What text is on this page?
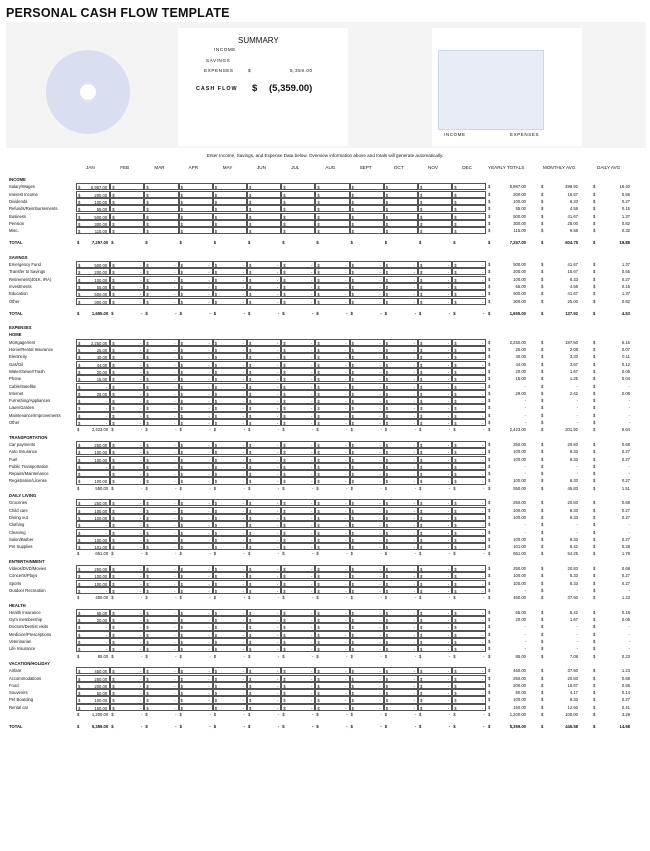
PERSONAL CASH FLOW TEMPLATE
SUMMARY
INCOME
SAVINGS
EXPENSES	$	5,359.00
CASH FLOW $ (5,359.00)
INCOME	EXPENSES
Enter Income, Savings, and Expense Data below. Overview information above and totals will generate automatically.
JAN	FEB	MAR	APR	MAY	JUN	JUL	AUG	SEPT	OCT	NOV	DEC	YEARLY TOTALS	MONTHLY AVG	DAILY AVG
INCOME
Salary/Wages	$	5,987.00 $	$	$	$	$	$	$	$	$	$	$	$	5,987.00	$	498.92	$	16.40
Interest Income	$	200.00 $	$	$	$	$	$	$	$	$	$	$	$	200.00	$	16.67	$	0.55
Dividends	$	100.00 $	$	$	$	$	$	$	$	$	$	$	$	100.00	$	8.33	$	0.27
Refunds/Reimbursements	$	55.00 $	$	$	$	$	$	$	$	$	$	$	$	55.00	$	4.58	$	0.15
Business	$	500.00 $	$	$	$	$	$	$	$	$	$	$	$	500.00	$	41.67	$	1.37
Pension	$	300.00 $	$	$	$	$	$	$	$	$	$	$	$	300.00	$	25.00	$	0.82
Misc.	$	115.00 $	$	$	$	$	$	$	$	$	$	$	$	115.00	$	9.58	$	0.32
TOTAL	$	7,257.00 $	$	$	$	$	$	$	$	$	$	$	$	7,257.00	$	604.75	$	19.88
SAVINGS
Emergency Fund	$	500.00 $	- $	- $	- $	- $	- $	- $	- $	- $	- $	- $	- $	500.00	$	41.67	$	1.37
Transfer to Savings	$	200.00 $	- $	- $	- $	- $	- $	- $	- $	- $	- $	- $	- $	200.00	$	16.67	$	0.55
Retirement(401K, IRA)	$	100.00 $	- $	- $	- $	- $	- $	- $	- $	- $	- $	- $	- $	100.00	$	8.33	$	0.27
Investments	$	55.00 $	- $	- $	- $	- $	- $	- $	- $	- $	- $	- $	- $	55.00	$	4.58	$	0.15
Education	$	500.00 $	- $	- $	- $	- $	- $	- $	- $	- $	- $	- $	- $	500.00	$	41.67	$	1.37
Other	$	300.00 $	- $	- $	- $	- $	- $	- $	- $	- $	- $	- $	- $	300.00	$	25.00	$	0.82
TOTAL	$	1,655.00 $	- $	- $	- $	- $	- $	- $	- $	- $	- $	- $	- $	1,655.00	$	137.92	$	4.53
EXPENSES
HOME
Mortgage/rent	$	2,250.00 $	- $	- $	- $	- $	- $	- $	- $	- $	- $	- $	- $	2,250.00	$	187.50	$	6.16
Home/Rental Insurance	$	25.00 $	- $	- $	- $	- $	- $	- $	- $	- $	- $	- $	- $	25.00	$	2.08	$	0.07
Electricity	$	40.00 $	- $	- $	- $	- $	- $	- $	- $	- $	- $	- $	- $	40.00	$	3.33	$	0.11
Gas/Oil	$	44.00 $	- $	- $	- $	- $	- $	- $	- $	- $	- $	- $	- $	44.00	$	3.67	$	0.12
Water/Sewer/Trash	$	20.00 $	- $	- $	- $	- $	- $	- $	- $	- $	- $	- $	- $	20.00	$	1.67	$	0.05
Phone	$	15.00 $	- $	- $	- $	- $	- $	- $	- $	- $	- $	- $	- $	15.00	$	1.25	$	0.04
Cable/Satellite	$	- $	- $	- $	- $	- $	- $	- $	- $	- $	- $	- $	- $	-	$	-	$	-
Internet	$	29.00 $	- $	- $	- $	- $	- $	- $	- $	- $	- $	- $	- $	29.00	$	2.42	$	0.08
Furnishing/Appliances	$	- $	- $	- $	- $	- $	- $	- $	- $	- $	- $	- $	- $	-	$	-	$	-
Lawn/Garden	$	- $	- $	- $	- $	- $	- $	- $	- $	- $	- $	- $	- $	-	$	-	$	-
Maintenance/Improvements	$	- $	- $	- $	- $	- $	- $	- $	- $	- $	- $	- $	- $	-	$	-	$	-
Other	$	- $	- $	- $	- $	- $	- $	- $	- $	- $	- $	- $	- $	-	$	-	$	-
$	2,423.00 $	- $	- $	- $	- $	- $	- $	- $	- $	- $	- $	- $	2,423.00	$	201.92	$	6.64
TRANSPORTATION
Car payments	$	250.00 $	- $	- $	- $	- $	- $	- $	- $	- $	- $	- $	- $	250.00	$	20.83	$	0.68
Auto Insurance	$	100.00 $	- $	- $	- $	- $	- $	- $	- $	- $	- $	- $	- $	100.00	$	8.33	$	0.27
Fuel	$	100.00 $	- $	- $	- $	- $	- $	- $	- $	- $	- $	- $	- $	100.00	$	8.33	$	0.27
Public Transportation	$	- $	- $	- $	- $	- $	- $	- $	- $	- $	- $	- $	- $	-	$	-	$	-
Repairs/Maintenance	$	- $	- $	- $	- $	- $	- $	- $	- $	- $	- $	- $	- $	-	$	-	$	-
Registration/License	$	100.00 $	- $	- $	- $	- $	- $	- $	- $	- $	- $	- $	- $	100.00	$	8.33	$	0.27
$	550.00 $	- $	- $	- $	- $	- $	- $	- $	- $	- $	- $	- $	550.00	$	45.83	$	1.51
DAILY LIVING
Groceries	$	250.00 $	- $	- $	- $	- $	- $	- $	- $	- $	- $	- $	- $	250.00	$	20.83	$	0.68
Child care	$	100.00 $	- $	- $	- $	- $	- $	- $	- $	- $	- $	- $	- $	100.00	$	8.33	$	0.27
Dining out	$	100.00 $	- $	- $	- $	- $	- $	- $	- $	- $	- $	- $	- $	100.00	$	8.33	$	0.27
Clothing	$	- $	- $	- $	- $	- $	- $	- $	- $	- $	- $	- $	- $	-	$	-	$	-
Cleaning	$	- $	- $	- $	- $	- $	- $	- $	- $	- $	- $	- $	- $	-	$	-	$	-
Salon/Barber	$	100.00 $	- $	- $	- $	- $	- $	- $	- $	- $	- $	- $	- $	100.00	$	8.33	$	0.27
Pet Supplies	$	101.00 $	- $	- $	- $	- $	- $	- $	- $	- $	- $	- $	- $	101.00	$	8.42	$	0.28
$	651.00 $	- $	- $	- $	- $	- $	- $	- $	- $	- $	- $	- $	651.00	$	54.25	$	1.78
ENTERTAINMENT
Videos/DVD/Movies	$	250.00 $	- $	- $	- $	- $	- $	- $	- $	- $	- $	- $	- $	250.00	$	20.83	$	0.68
Concerts/Plays	$	100.00 $	- $	- $	- $	- $	- $	- $	- $	- $	- $	- $	- $	100.00	$	8.33	$	0.27
Sports	$	100.00 $	- $	- $	- $	- $	- $	- $	- $	- $	- $	- $	- $	100.00	$	8.33	$	0.27
Outdoor Recreation	$	- $	- $	- $	- $	- $	- $	- $	- $	- $	- $	- $	- $	-	$	-	$	-
$	450.00 $	- $	- $	- $	- $	- $	- $	- $	- $	- $	- $	- $	450.00	$	37.50	$	1.23
HEALTH
Health Insurance	$	65.00 $	- $	- $	- $	- $	- $	- $	- $	- $	- $	- $	- $	65.00	$	5.42	$	0.18
Gym membership	$	20.00 $	- $	- $	- $	- $	- $	- $	- $	- $	- $	- $	- $	20.00	$	1.67	$	0.05
Doctors/Dentist visits	$	- $	- $	- $	- $	- $	- $	- $	- $	- $	- $	- $	- $	-	$	-	$	-
Medicine/Prescriptions	$	- $	- $	- $	- $	- $	- $	- $	- $	- $	- $	- $	- $	-	$	-	$	-
Veterinarian	$	- $	- $	- $	- $	- $	- $	- $	- $	- $	- $	- $	- $	-	$	-	$	-
Life Insurance	$	- $	- $	- $	- $	- $	- $	- $	- $	- $	- $	- $	- $	-	$	-	$	-
$	85.00 $	- $	- $	- $	- $	- $	- $	- $	- $	- $	- $	- $	85.00	$	7.08	$	0.23
VACATION/HOLIDAY
Airfare	$	450.00 $	- $	- $	- $	- $	- $	- $	- $	- $	- $	- $	- $	450.00	$	37.50	$	1.23
Accommodations	$	250.00 $	- $	- $	- $	- $	- $	- $	- $	- $	- $	- $	- $	250.00	$	20.83	$	0.68
Food	$	200.00 $	- $	- $	- $	- $	- $	- $	- $	- $	- $	- $	- $	200.00	$	16.67	$	0.55
Souvenirs	$	50.00 $	- $	- $	- $	- $	- $	- $	- $	- $	- $	- $	- $	50.00	$	4.17	$	0.14
Pet Boarding	$	100.00 $	- $	- $	- $	- $	- $	- $	- $	- $	- $	- $	- $	100.00	$	8.33	$	0.27
Rental car	$	150.00 $	- $	- $	- $	- $	- $	- $	- $	- $	- $	- $	- $	150.00	$	12.50	$	0.41
$	1,200.00 $	- $	- $	- $	- $	- $	- $	- $	- $	- $	- $	- $	1,200.00	$	100.00	$	3.29
TOTAL	$	5,359.00 $	- $	- $	- $	- $	- $	- $	- $	- $	- $	- $	- $	5,359.00	$	446.58	$	14.68
